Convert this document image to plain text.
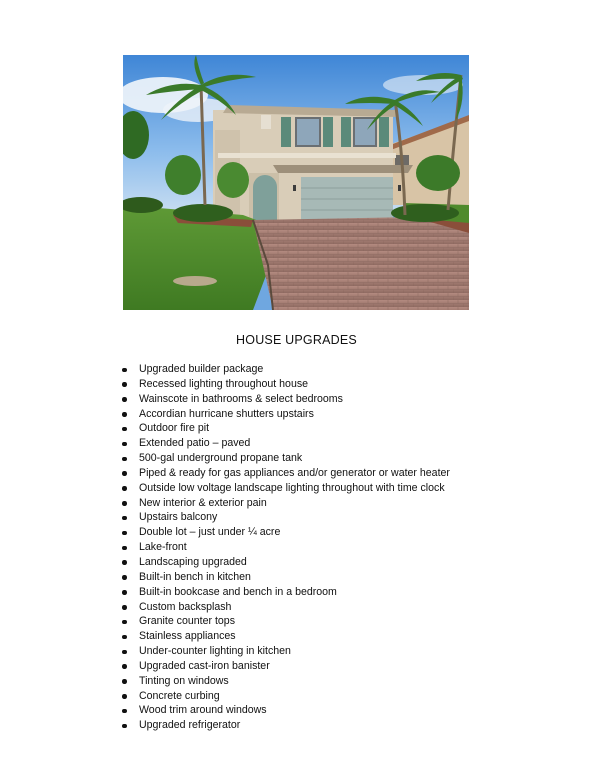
HOUSE UPGRADES
Upgraded builder package
Recessed lighting throughout house
Wainscote in bathrooms & select bedrooms
Accordian hurricane shutters upstairs
Outdoor fire pit
Extended patio – paved
500-gal underground propane tank
Piped & ready for gas appliances and/or generator or water heater
Outside low voltage landscape lighting throughout with time clock
New interior & exterior pain
Upstairs balcony
Double lot – just under ¼ acre
Lake-front
Landscaping upgraded
Built-in bench in kitchen
Built-in bookcase and bench in a bedroom
Custom backsplash
Granite counter tops
Stainless appliances
Under-counter lighting in kitchen
Upgraded cast-iron banister
Tinting on windows
Concrete curbing
Wood trim around windows
Upgraded refrigerator
